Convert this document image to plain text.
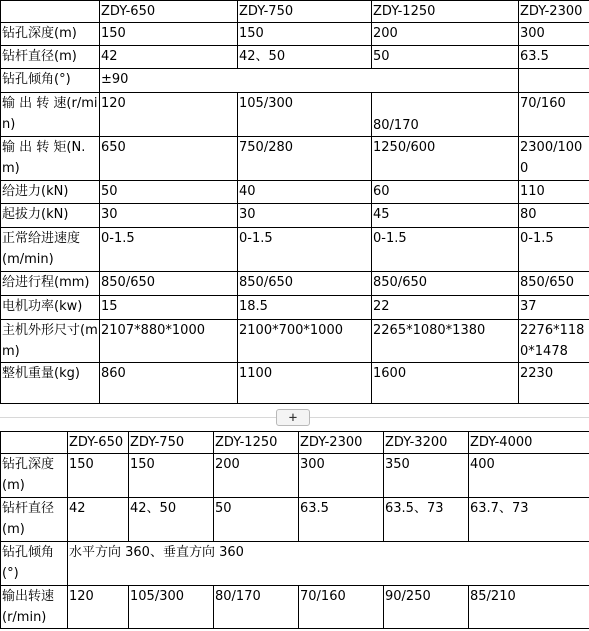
	ZDY-650	ZDY-750	ZDY-1250	ZDY-2300
钻孔深度(m)	150	150	200	300
钻杆直径(m)	42	42、50	50	63.5
钻孔倾角(°)	±90			
输 出 转 速(r/min)	120	105/300	80/170	70/160
输 出 转 矩(N.m)	650	750/280	1250/600	2300/1000
给进力(kN)	50	40	60	110
起拔力(kN)	30	30	45	80
正常给进速度(m/min)	0-1.5	0-1.5	0-1.5	0-1.5
给进行程(mm)	850/650	850/650	850/650	850/650
电机功率(kw)	15	18.5	22	37
主机外形尺寸(mm)	2107*880*1000	2100*700*1000	2265*1080*1380	2276*1180*1478
整机重量(kg)	860	1100	1600	2230
+
	ZDY-650	ZDY-750	ZDY-1250	ZDY-2300	ZDY-3200	ZDY-4000
钻孔深度(m)	150	150	200	300	350	400
钻杆直径(m)	42	42、50	50	63.5	63.5、73	63.7、73
钻孔倾角(°)	水平方向 360、垂直方向 360					
输出转速(r/min)	120	105/300	80/170	70/160	90/250	85/210
